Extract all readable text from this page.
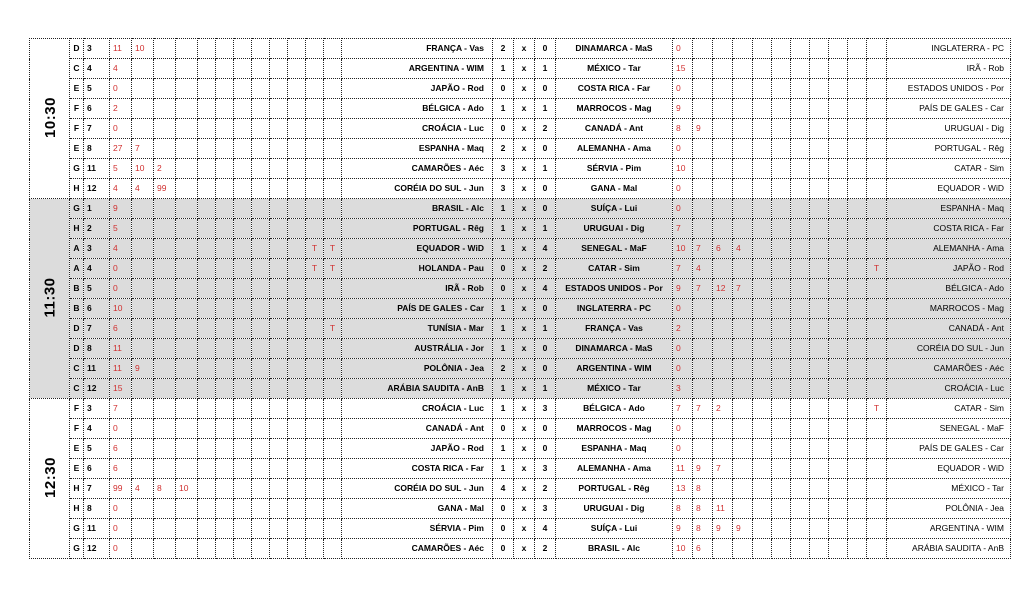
10:30	D	3	11	10											FRANÇA - Vas	2	x	0	DINAMARCA - MaS	0											INGLATERRA - PC
	C	4	4												ARGENTINA - WIM	1	x	1	MÉXICO - Tar	15											IRÃ - Rob
	E	5	0												JAPÃO - Rod	0	x	0	COSTA RICA - Far	0											ESTADOS UNIDOS - Por
	F	6	2												BÉLGICA - Ado	1	x	1	MARROCOS - Mag	9											PAÍS DE GALES - Car
	F	7	0												CROÁCIA - Luc	0	x	2	CANADÁ - Ant	8	9										URUGUAI - Dig
	E	8	27	7											ESPANHA - Maq	2	x	0	ALEMANHA - Ama	0											PORTUGAL - Rêg
	G	11	5	10	2										CAMARÕES - Aéc	3	x	1	SÉRVIA - Pim	10											CATAR - Sim
	H	12	4	4	99										CORÉIA DO SUL - Jun	3	x	0	GANA - Mal	0											EQUADOR - WiD
11:30	G	1	9												BRASIL - Alc	1	x	0	SUÍÇA - Lui	0											ESPANHA - Maq
	H	2	5												PORTUGAL - Rêg	1	x	1	URUGUAI - Dig	7											COSTA RICA - Far
	A	3	4										T	T	EQUADOR - WiD	1	x	4	SENEGAL - MaF	10	7	6	4								ALEMANHA - Ama
	A	4	0										T	T	HOLANDA - Pau	0	x	2	CATAR - Sim	7	4									T	JAPÃO - Rod
	B	5	0												IRÃ - Rob	0	x	4	ESTADOS UNIDOS - Por	9	7	12	7								BÉLGICA - Ado
	B	6	10												PAÍS DE GALES - Car	1	x	0	INGLATERRA - PC	0											MARROCOS - Mag
	D	7	6											T	TUNÍSIA - Mar	1	x	1	FRANÇA - Vas	2											CANADÁ - Ant
	D	8	11												AUSTRÁLIA - Jor	1	x	0	DINAMARCA - MaS	0											CORÉIA DO SUL - Jun
	C	11	11	9											POLÔNIA - Jea	2	x	0	ARGENTINA - WIM	0											CAMARÕES - Aéc
	C	12	15												ARÁBIA SAUDITA - AnB	1	x	1	MÉXICO - Tar	3											CROÁCIA - Luc
12:30	F	3	7												CROÁCIA - Luc	1	x	3	BÉLGICA - Ado	7	7	2								T	CATAR - Sim
	F	4	0												CANADÁ - Ant	0	x	0	MARROCOS - Mag	0											SENEGAL - MaF
	E	5	6												JAPÃO - Rod	1	x	0	ESPANHA - Maq	0											PAÍS DE GALES - Car
	E	6	6												COSTA RICA - Far	1	x	3	ALEMANHA - Ama	11	9	7									EQUADOR - WiD
	H	7	99	4	8	10									CORÉIA DO SUL - Jun	4	x	2	PORTUGAL - Rêg	13	8										MÉXICO - Tar
	H	8	0												GANA - Mal	0	x	3	URUGUAI - Dig	8	8	11									POLÔNIA - Jea
	G	11	0												SÉRVIA - Pim	0	x	4	SUÍÇA - Lui	9	8	9	9								ARGENTINA - WIM
	G	12	0												CAMARÕES - Aéc	0	x	2	BRASIL - Alc	10	6										ARÁBIA SAUDITA - AnB
